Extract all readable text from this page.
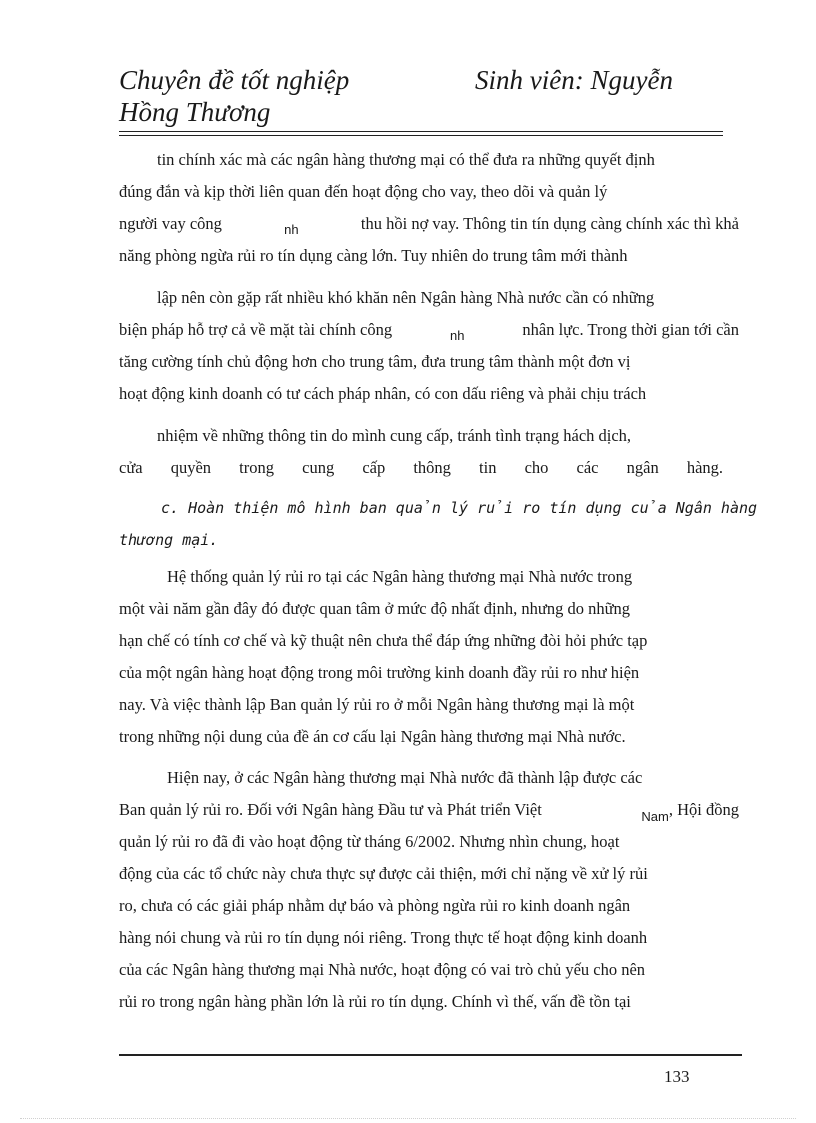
Chuyên đề tốt nghiệp	Sinh viên: Nguyễn
Hồng Thương
tin chính xác mà các ngân hàng thương mại có thể đưa ra những quyết định
đúng đắn và kịp thời liên quan đến hoạt động cho vay, theo dõi và quản lý
người vay công	nh	thu hồi nợ vay. Thông tin tín dụng càng chính xác thì khả
năng phòng ngừa rủi ro tín dụng càng lớn. Tuy nhiên do trung tâm mới thành
lập nên còn gặp rất nhiều khó khăn nên Ngân hàng Nhà nước cần có những
biện pháp hỗ trợ cả về mặt tài chính công	nh	nhân lực. Trong thời gian tới cần
tăng cường tính chủ động hơn cho trung tâm, đưa trung tâm thành một đơn vị
hoạt động kinh doanh có tư cách pháp nhân, có con dấu riêng và phải chịu trách
nhiệm về những thông tin do mình cung cấp, tránh tình trạng hách dịch,
cửa quyền trong cung cấp thông tin cho các ngân hàng.
c. Hoàn thiện mô hình ban quản lý rủi ro tín dụng của Ngân hàng
thương mại.
Hệ thống quản lý rủi ro tại các Ngân hàng thương mại Nhà nước trong
một vài năm gần đây đó được quan tâm ở mức độ nhất định, nhưng do những
hạn chế có tính cơ chế và kỹ thuật nên chưa thể đáp ứng những đòi hỏi phức tạp
của một ngân hàng hoạt động trong môi trường kinh doanh đầy rủi ro như hiện
nay. Và việc thành lập Ban quản lý rủi ro ở mỗi Ngân hàng thương mại là một
trong những nội dung của đề án cơ cấu lại Ngân hàng thương mại Nhà nước.
Hiện nay, ở các Ngân hàng thương mại Nhà nước đã thành lập được các
Ban quản lý rủi ro. Đối với Ngân hàng Đầu tư và Phát triển Việt	Nam, Hội đồng
quản lý rủi ro đã đi vào hoạt động từ tháng 6/2002. Nhưng nhìn chung, hoạt
động của các tổ chức này chưa thực sự được cải thiện, mới chỉ nặng về xử lý rủi
ro, chưa có các giải pháp nhằm dự báo và phòng ngừa rủi ro kinh doanh ngân
hàng nói chung và rủi ro tín dụng nói riêng. Trong thực tế hoạt động kinh doanh
của các Ngân hàng thương mại Nhà nước, hoạt động có vai trò chủ yếu cho nên
rủi ro trong ngân hàng phần lớn là rủi ro tín dụng. Chính vì thế, vấn đề tồn tại
133
